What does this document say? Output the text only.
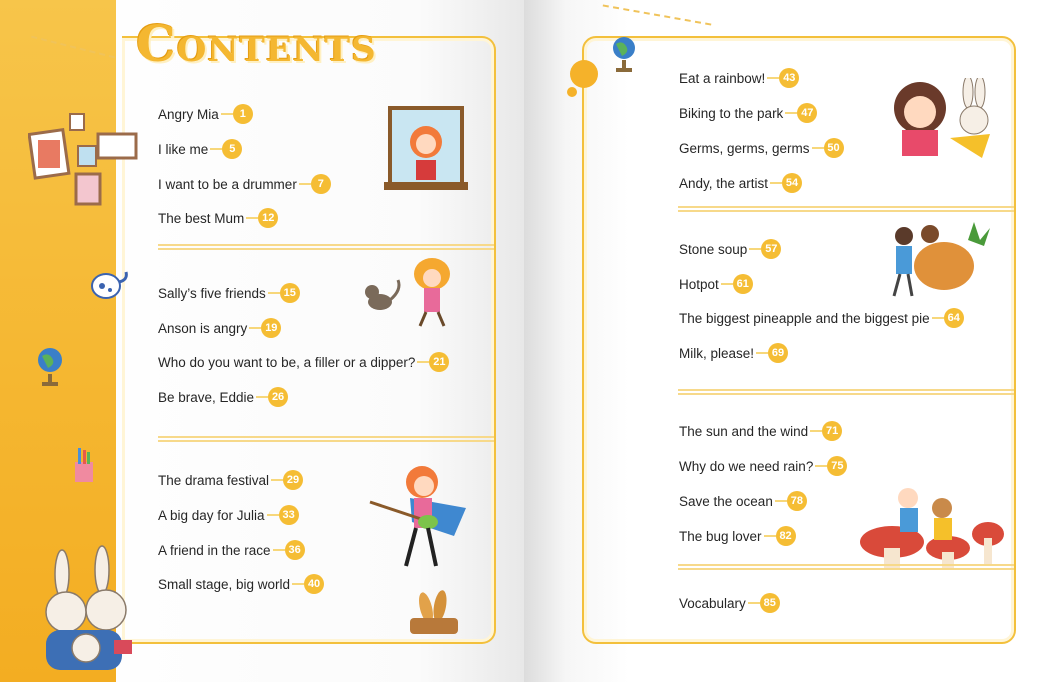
CONTENTS
Angry Mia	1
I like me	5
I want to be a drummer	7
The best Mum	12
Sally’s five friends	15
Anson is angry	19
Who do you want to be, a filler or a dipper?	21
Be brave, Eddie	26
The drama festival	29
A big day for Julia	33
A friend in the race	36
Small stage, big world	40
Eat a rainbow!	43
Biking to the park	47
Germs, germs, germs	50
Andy, the artist	54
Stone soup	57
Hotpot	61
The biggest pineapple and the biggest pie	64
Milk, please!	69
The sun and the wind	71
Why do we need rain?	75
Save the ocean	78
The bug lover	82
Vocabulary	85
